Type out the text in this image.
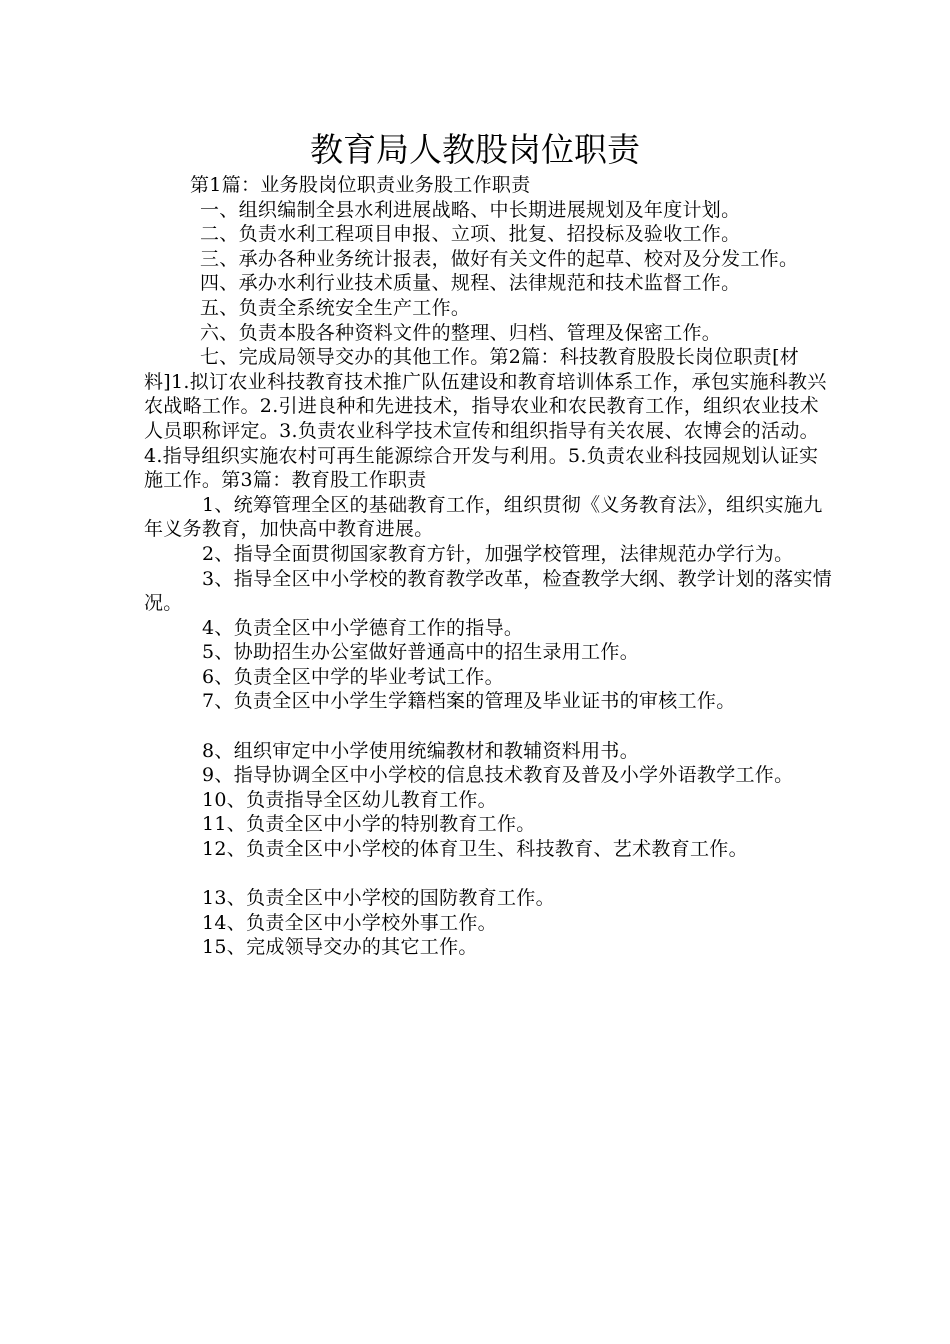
教育局人教股岗位职责

第1篇：业务股岗位职责业务股工作职责

一、组织编制全县水利进展战略、中长期进展规划及年度计划。

二、负责水利工程项目申报、立项、批复、招投标及验收工作。

三、承办各种业务统计报表，做好有关文件的起草、校对及分发工作。

四、承办水利行业技术质量、规程、法律规范和技术监督工作。

五、负责全系统安全生产工作。

六、负责本股各种资料文件的整理、归档、管理及保密工作。

七、完成局领导交办的其他工作。第2篇：科技教育股股长岗位职责[材料]1.拟订农业科技教育技术推广队伍建设和教育培训体系工作，承包实施科教兴农战略工作。2.引进良种和先进技术，指导农业和农民教育工作，组织农业技术人员职称评定。3.负责农业科学技术宣传和组织指导有关农展、农博会的活动。4.指导组织实施农村可再生能源综合开发与利用。5.负责农业科技园规划认证实施工作。第3篇：教育股工作职责

1、统筹管理全区的基础教育工作，组织贯彻《义务教育法》，组织实施九年义务教育，加快高中教育进展。

2、指导全面贯彻国家教育方针，加强学校管理，法律规范办学行为。

3、指导全区中小学校的教育教学改革，检查教学大纲、教学计划的落实情况。

4、负责全区中小学德育工作的指导。

5、协助招生办公室做好普通高中的招生录用工作。

6、负责全区中学的毕业考试工作。

7、负责全区中小学生学籍档案的管理及毕业证书的审核工作。

8、组织审定中小学使用统编教材和教辅资料用书。

9、指导协调全区中小学校的信息技术教育及普及小学外语教学工作。

10、负责指导全区幼儿教育工作。

11、负责全区中小学的特别教育工作。

12、负责全区中小学校的体育卫生、科技教育、艺术教育工作。

13、负责全区中小学校的国防教育工作。

14、负责全区中小学校外事工作。

15、完成领导交办的其它工作。
